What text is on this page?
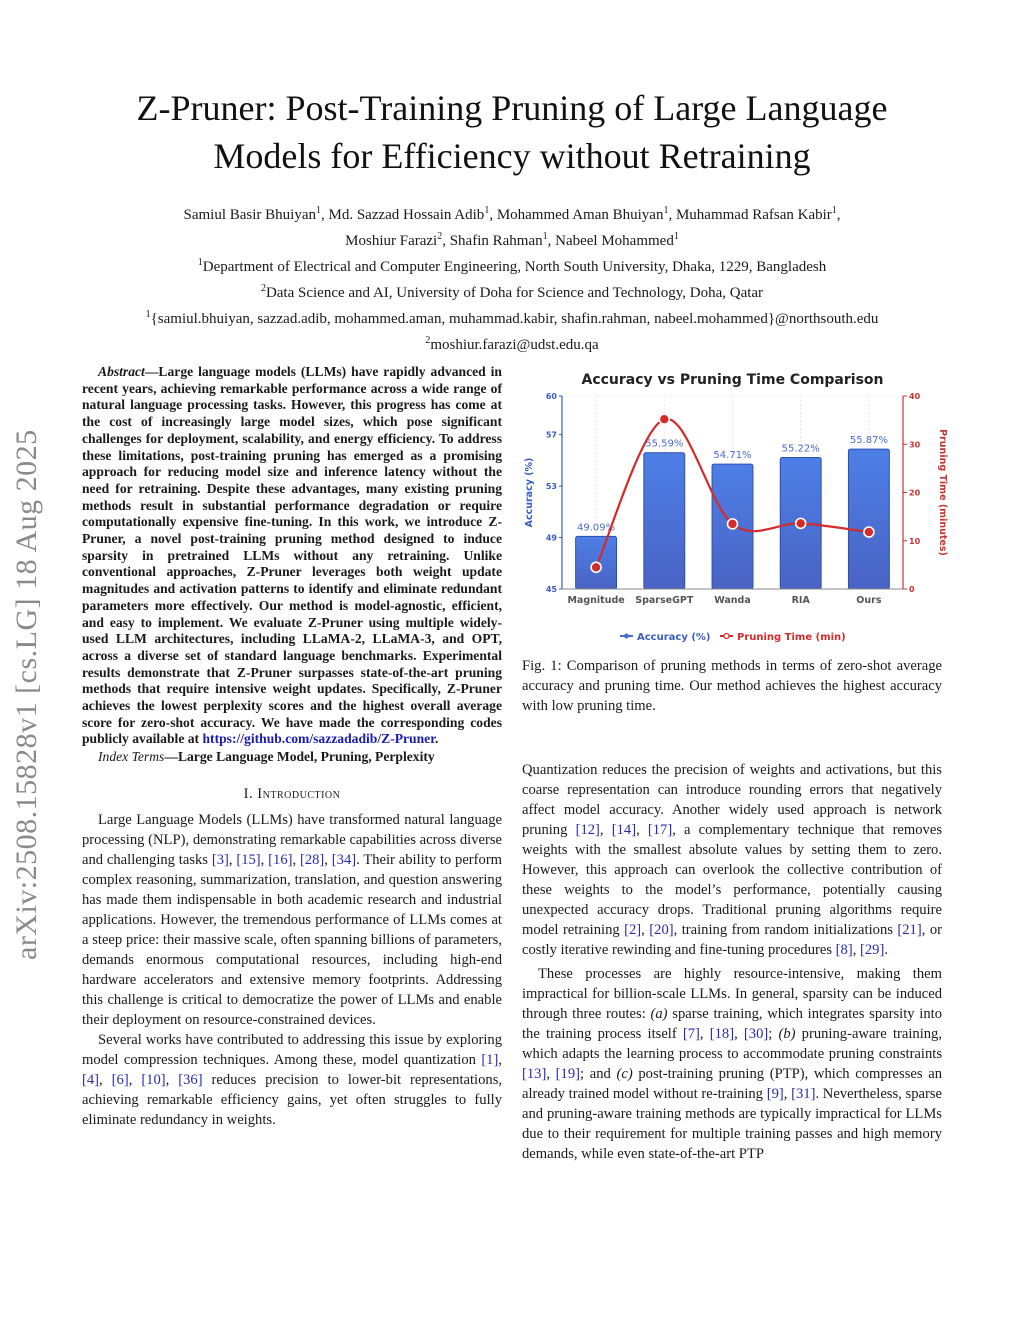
Z-Pruner: Post-Training Pruning of Large Language
Models for Efficiency without Retraining
Samiul Basir Bhuiyan$^1$, Md. Sazzad Hossain Adib$^1$, Mohammed Aman Bhuiyan$^1$, Muhammad Rafsan Kabir$^1$,
Moshiur Farazi$^2$, Shafin Rahman$^1$, Nabeel Mohammed$^1$
$^1$Department of Electrical and Computer Engineering, North South University, Dhaka, 1229, Bangladesh
$^2$Data Science and AI, University of Doha for Science and Technology, Doha, Qatar
$^1${samiul.bhuiyan, sazzad.adib, mohammed.aman, muhammad.kabir, shafin.rahman, nabeel.mohammed}@northsouth.edu
$^2$moshiur.farazi@udst.edu.qa
arXiv:2508.15828v1 [cs.LG] 18 Aug 2025

Abstract—Large language models (LLMs) have rapidly advanced in recent years, achieving remarkable performance across a wide range of natural language processing tasks. However, this progress has come at the cost of increasingly large model sizes, which pose significant challenges for deployment, scalability, and energy efficiency. To address these limitations, post-training pruning has emerged as a promising approach for reducing model size and inference latency without the need for retraining. Despite these advantages, many existing pruning methods result in substantial performance degradation or require computationally expensive fine-tuning. In this work, we introduce Z-Pruner, a novel post-training pruning method designed to induce sparsity in pretrained LLMs without any retraining. Unlike conventional approaches, Z-Pruner leverages both weight update magnitudes and activation patterns to identify and eliminate redundant parameters more effectively. Our method is model-agnostic, efficient, and easy to implement. We evaluate Z-Pruner using multiple widely-used LLM architectures, including LLaMA-2, LLaMA-3, and OPT, across a diverse set of standard language benchmarks. Experimental results demonstrate that Z-Pruner surpasses state-of-the-art pruning methods that require intensive weight updates. Specifically, Z-Pruner achieves the lowest perplexity scores and the highest overall average score for zero-shot accuracy. We have made the corresponding codes publicly available at https://github.com/sazzadadib/Z-Pruner.

Index Terms—Large Language Model, Pruning, Perplexity

I. Introduction

Large Language Models (LLMs) have transformed natural language processing (NLP), demonstrating remarkable capabilities across diverse and challenging tasks [3], [15], [16], [28], [34]. Their ability to perform complex reasoning, summarization, translation, and question answering has made them indispensable in both academic research and industrial applications. However, the tremendous performance of LLMs comes at a steep price: their massive scale, often spanning billions of parameters, demands enormous computational resources, including high-end hardware accelerators and extensive memory footprints. Addressing this challenge is critical to democratize the power of LLMs and enable their deployment on resource-constrained devices.

Several works have contributed to addressing this issue by exploring model compression techniques. Among these, model quantization [1], [4], [6], [10], [36] reduces precision to lower-bit representations, achieving remarkable efficiency gains, yet often struggles to fully eliminate redundancy in weights.

Accuracy vs Pruning Time Comparison
49.09%
55.59%
54.71%
55.22%
55.87%
45
49
53
57
60
0
10
20
30
40
Magnitude SparseGPT Wanda	RIA	Ours
Accuracy (%)	Pruning Time (minutes)
Accuracy (%)	Pruning Time (min)
Fig. 1: Comparison of pruning methods in terms of zero-shot average accuracy and pruning time. Our method achieves the highest accuracy with low pruning time.

Quantization reduces the precision of weights and activations, but this coarse representation can introduce rounding errors that negatively affect model accuracy. Another widely used approach is network pruning [12], [14], [17], a complementary technique that removes weights with the smallest absolute values by setting them to zero. However, this approach can overlook the collective contribution of these weights to the model’s performance, potentially causing unexpected accuracy drops. Traditional pruning algorithms require model retraining [2], [20], training from random initializations [21], or costly iterative rewinding and fine-tuning procedures [8], [29].

These processes are highly resource-intensive, making them impractical for billion-scale LLMs. In general, sparsity can be induced through three routes: (a) sparse training, which integrates sparsity into the training process itself [7], [18], [30]; (b) pruning-aware training, which adapts the learning process to accommodate pruning constraints [13], [19]; and (c) post-training pruning (PTP), which compresses an already trained model without re-training [9], [31]. Nevertheless, sparse and pruning-aware training methods are typically impractical for LLMs due to their requirement for multiple training passes and high memory demands, while even state-of-the-art PTP
